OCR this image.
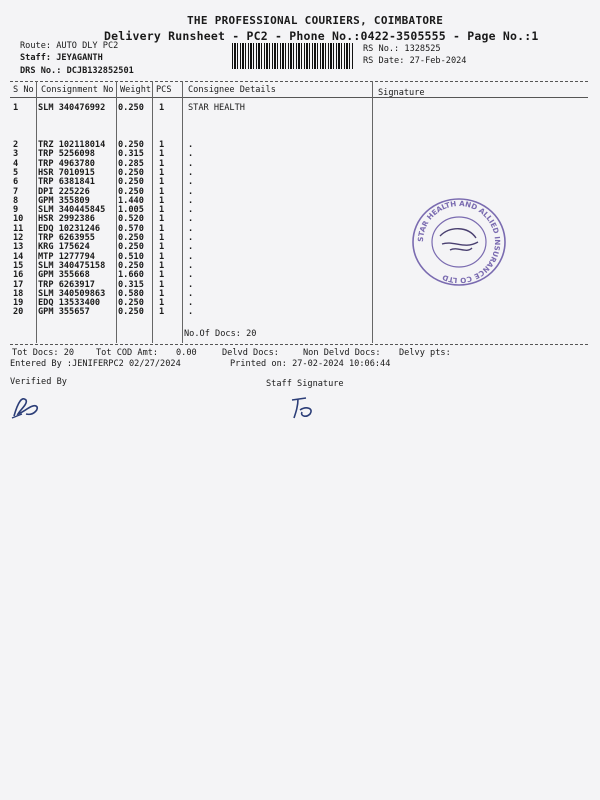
THE PROFESSIONAL COURIERS, COIMBATORE
Delivery Runsheet - PC2 - Phone No.:0422-3505555 - Page No.:1
Route: AUTO DLY PC2
Staff: JEYAGANTH
DRS No.: DCJB132852501
RS No.: 1328525
RS Date: 27-Feb-2024
S No Consignment No Weight PCS Consignee Details	Signature
1 SLM 340476992 0.250 1	STAR HEALTH
2 TRZ 102118014 0.250 1	.
3 TRP 5256098	0.315 1	.
4 TRP 4963780	0.285 1	.
5 HSR 7010915	0.250 1	.
6 TRP 6381841	0.250 1	.
7 DPI 225226	0.250 1	.
8 GPM 355809	1.440 1	.
9 SLM 340445845 1.005 1	.
10 HSR 2992386	0.520 1	.
11 EDQ 10231246 0.570 1	.
12 TRP 6263955	0.250 1	.
13 KRG 175624	0.250 1	.
14 MTP 1277794	0.510 1	.
15 SLM 340475158 0.250 1	.
16 GPM 355668	1.660 1	.
17 TRP 6263917	0.315 1	.
18 SLM 340509863 0.580 1	.
19 EDQ 13533400 0.250 1	.
20 GPM 355657	0.250 1	.
No.Of Docs: 20
Tot Docs: 20	Tot COD Amt: 0.00	Delvd Docs:	Non Delvd Docs: Delvy pts:
Entered By :JENIFERPC2 02/27/2024	Printed on: 27-02-2024 10:06:44
Verified By	Staff Signature
STAR HEALTH AND ALLIED INSURANCE CO LTD
